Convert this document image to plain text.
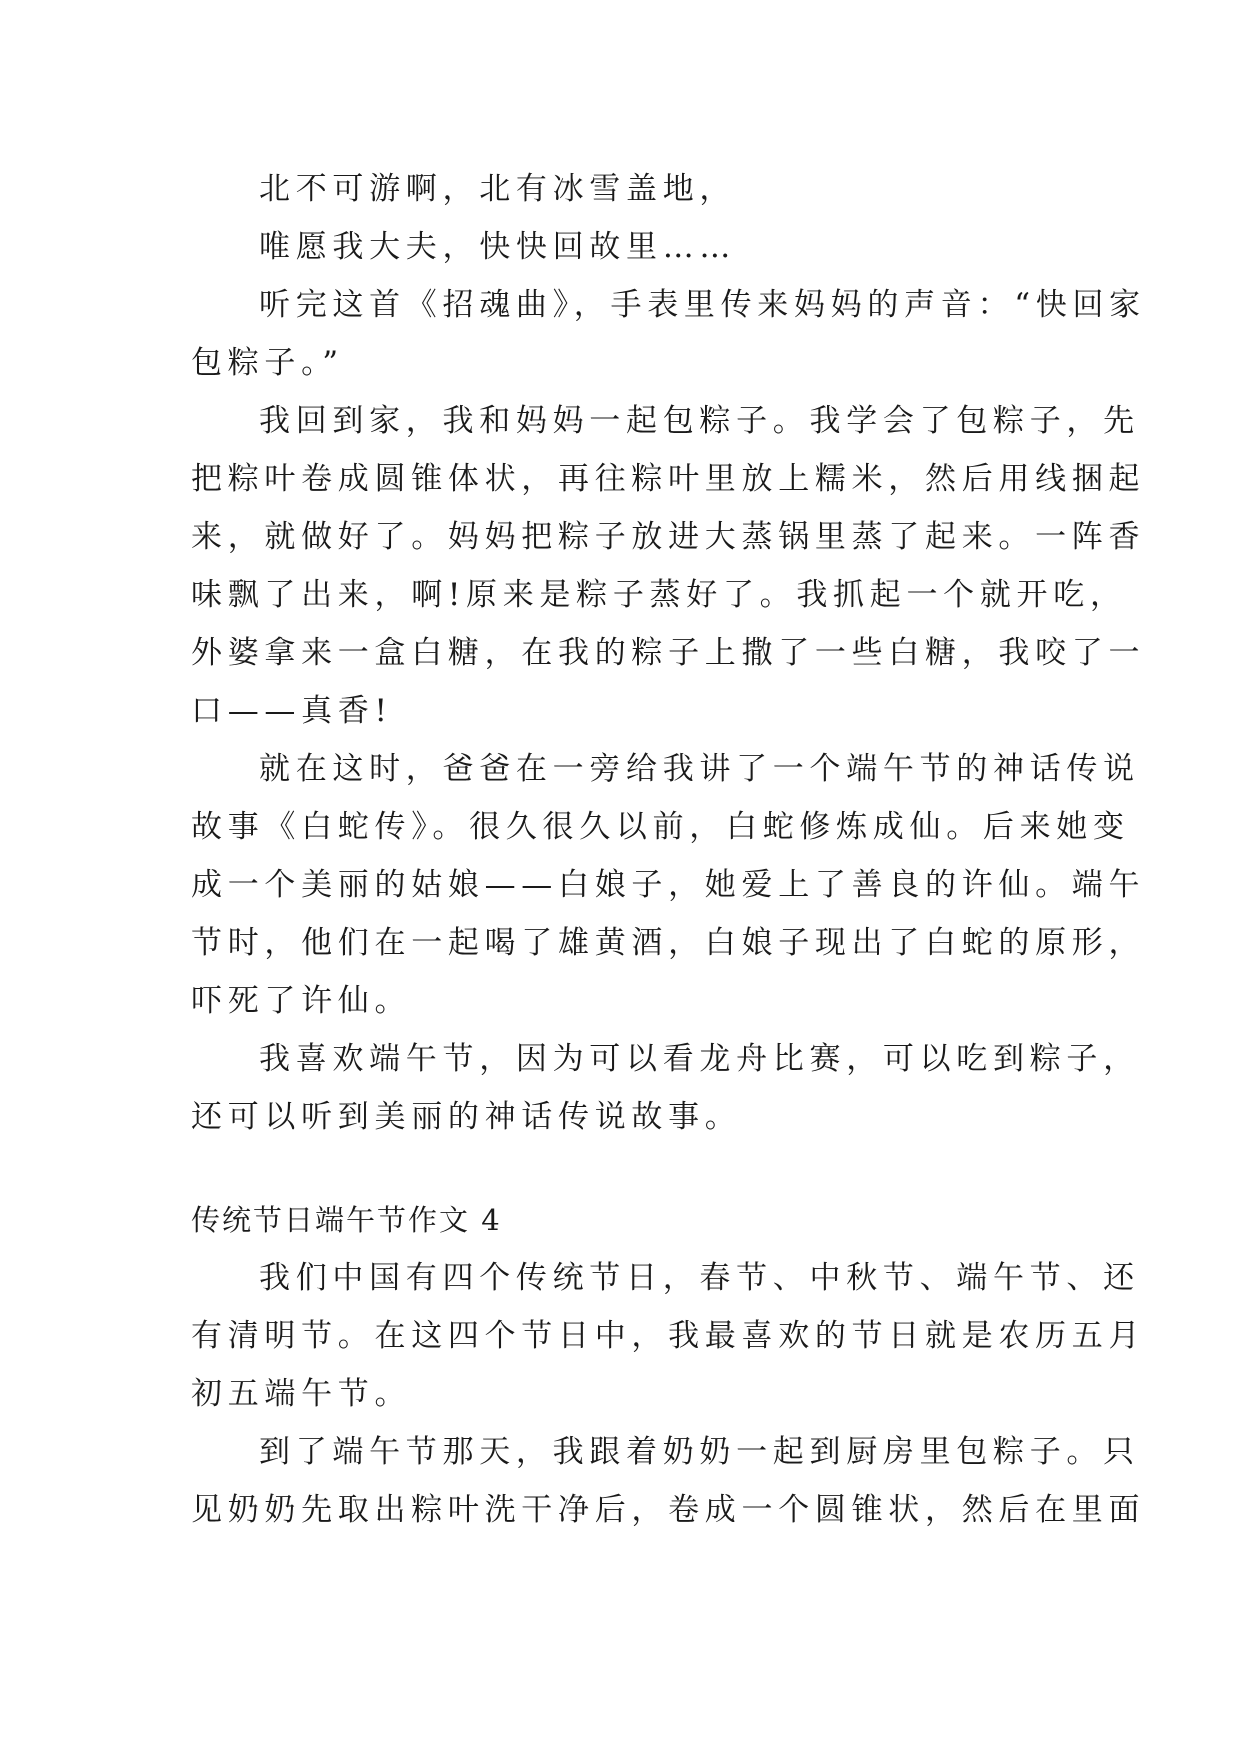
北不可游啊，北有冰雪盖地，
唯愿我大夫，快快回故里……
听完这首《招魂曲》，手表里传来妈妈的声音：“快回家
包粽子。”
我回到家，我和妈妈一起包粽子。我学会了包粽子，先
把粽叶卷成圆锥体状，再往粽叶里放上糯米，然后用线捆起
来，就做好了。妈妈把粽子放进大蒸锅里蒸了起来。一阵香
味飘了出来，啊!原来是粽子蒸好了。我抓起一个就开吃，
外婆拿来一盒白糖，在我的粽子上撒了一些白糖，我咬了一
口——真香!
就在这时，爸爸在一旁给我讲了一个端午节的神话传说
故事《白蛇传》。很久很久以前，白蛇修炼成仙。后来她变
成一个美丽的姑娘——白娘子，她爱上了善良的许仙。端午
节时，他们在一起喝了雄黄酒，白娘子现出了白蛇的原形，
吓死了许仙。
我喜欢端午节，因为可以看龙舟比赛，可以吃到粽子，
还可以听到美丽的神话传说故事。
传统节日端午节作文 4
我们中国有四个传统节日，春节、中秋节、端午节、还
有清明节。在这四个节日中，我最喜欢的节日就是农历五月
初五端午节。
到了端午节那天，我跟着奶奶一起到厨房里包粽子。只
见奶奶先取出粽叶洗干净后，卷成一个圆锥状，然后在里面
